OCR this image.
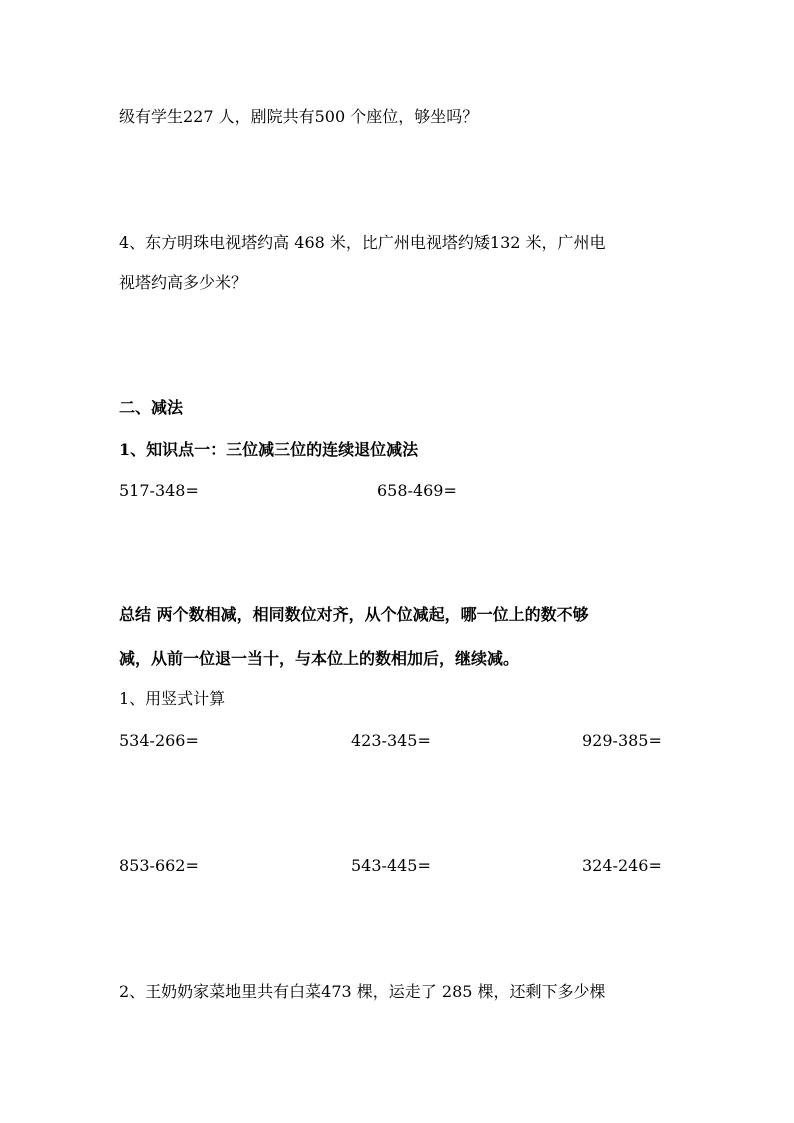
级有学生227 人，剧院共有500 个座位，够坐吗？
4、东方明珠电视塔约高 468 米，比广州电视塔约矮132 米，广州电
视塔约高多少米？
二、减法
1、知识点一：三位减三位的连续退位减法
517-348=	658-469=
总结 两个数相减，相同数位对齐，从个位减起，哪一位上的数不够
减，从前一位退一当十，与本位上的数相加后，继续减。
1、用竖式计算
534-266=	423-345=	929-385=
853-662=	543-445=	324-246=
2、王奶奶家菜地里共有白菜473 棵，运走了 285 棵，还剩下多少棵
